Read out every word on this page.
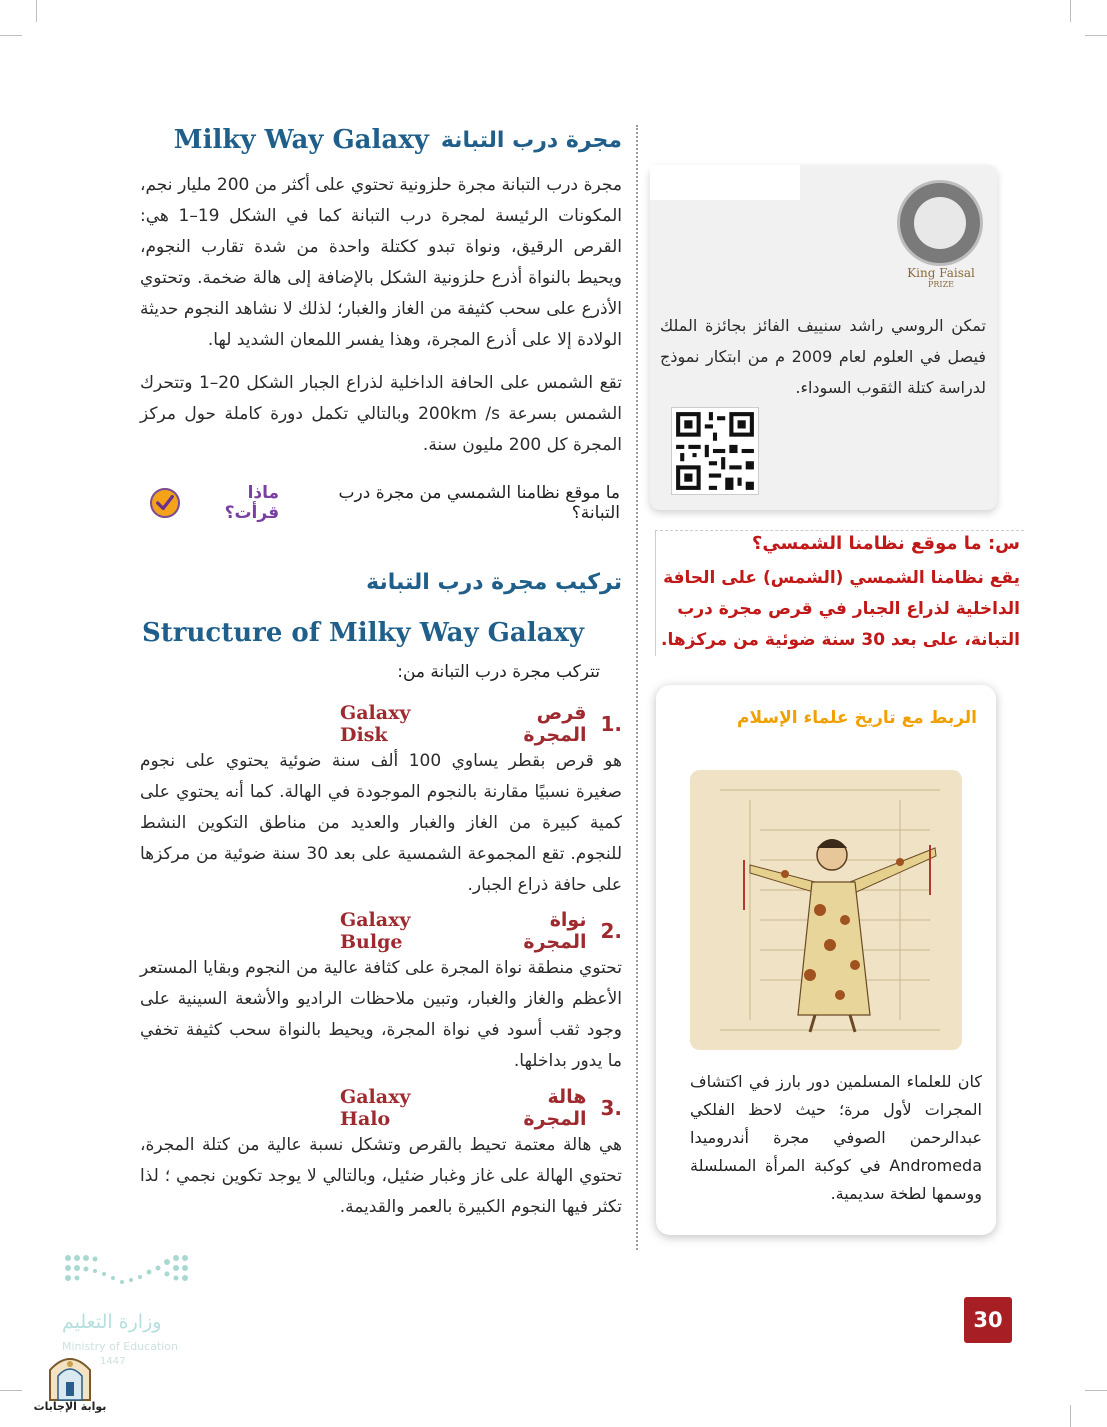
Milky Way Galaxy مجرة درب التبانة

مجرة درب التبانة مجرة حلزونية تحتوي على أكثر من 200 مليار نجم، المكونات الرئيسة لمجرة درب التبانة كما في الشكل 19–1 هي: القرص الرقيق، ونواة تبدو ككتلة واحدة من شدة تقارب النجوم، ويحيط بالنواة أذرع حلزونية الشكل بالإضافة إلى هالة ضخمة. وتحتوي الأذرع على سحب كثيفة من الغاز والغبار؛ لذلك لا نشاهد النجوم حديثة الولادة إلا على أذرع المجرة، وهذا يفسر اللمعان الشديد لها.

تقع الشمس على الحافة الداخلية لذراع الجبار الشكل 20–1 وتتحرك الشمس بسرعة 200km /s وبالتالي تكمل دورة كاملة حول مركز المجرة كل 200 مليون سنة.

ماذا قرأت؟
ما موقع نظامنا الشمسي من مجرة درب التبانة؟
تركيب مجرة درب التبانة
Structure of Milky Way Galaxy
تتركب مجرة درب التبانة من:
1.
قرص المجرة
Galaxy Disk

هو قرص بقطر يساوي 100 ألف سنة ضوئية يحتوي على نجوم صغيرة نسبيًا مقارنة بالنجوم الموجودة في الهالة. كما أنه يحتوي على كمية كبيرة من الغاز والغبار والعديد من مناطق التكوين النشط للنجوم. تقع المجموعة الشمسية على بعد 30 سنة ضوئية من مركزها على حافة ذراع الجبار.

2.
نواة المجرة
Galaxy Bulge

تحتوي منطقة نواة المجرة على كثافة عالية من النجوم وبقايا المستعر الأعظم والغاز والغبار، وتبين ملاحظات الراديو والأشعة السينية على وجود ثقب أسود في نواة المجرة، ويحيط بالنواة سحب كثيفة تخفي ما يدور بداخلها.

3.
هالة المجرة
Galaxy Halo

هي هالة معتمة تحيط بالقرص وتشكل نسبة عالية من كتلة المجرة، تحتوي الهالة على غاز وغبار ضئيل، وبالتالي لا يوجد تكوين نجمي ؛ لذا تكثر فيها النجوم الكبيرة بالعمر والقديمة.

King Faisal
PRIZE
تمكن الروسي راشد سنييف الفائز بجائزة الملك فيصل في العلوم لعام 2009 م من ابتكار نموذج لدراسة كتلة الثقوب السوداء.
س: ما موقع نظامنا الشمسي؟
يقع نظامنا الشمسي (الشمس) على الحافة الداخلية لذراع الجبار في قرص مجرة درب التبانة، على بعد 30 سنة ضوئية من مركزها.
الربط مع تاريخ علماء الإسلام
كان للعلماء المسلمين دور بارز في اكتشاف المجرات لأول مرة؛ حيث لاحظ الفلكي عبدالرحمن الصوفي مجرة أندروميدا Andromeda في كوكبة المرأة المسلسلة ووسمها لطخة سديمية.
30
وزارة التعليم
Ministry of Education
1447
بوابة الإجابات
